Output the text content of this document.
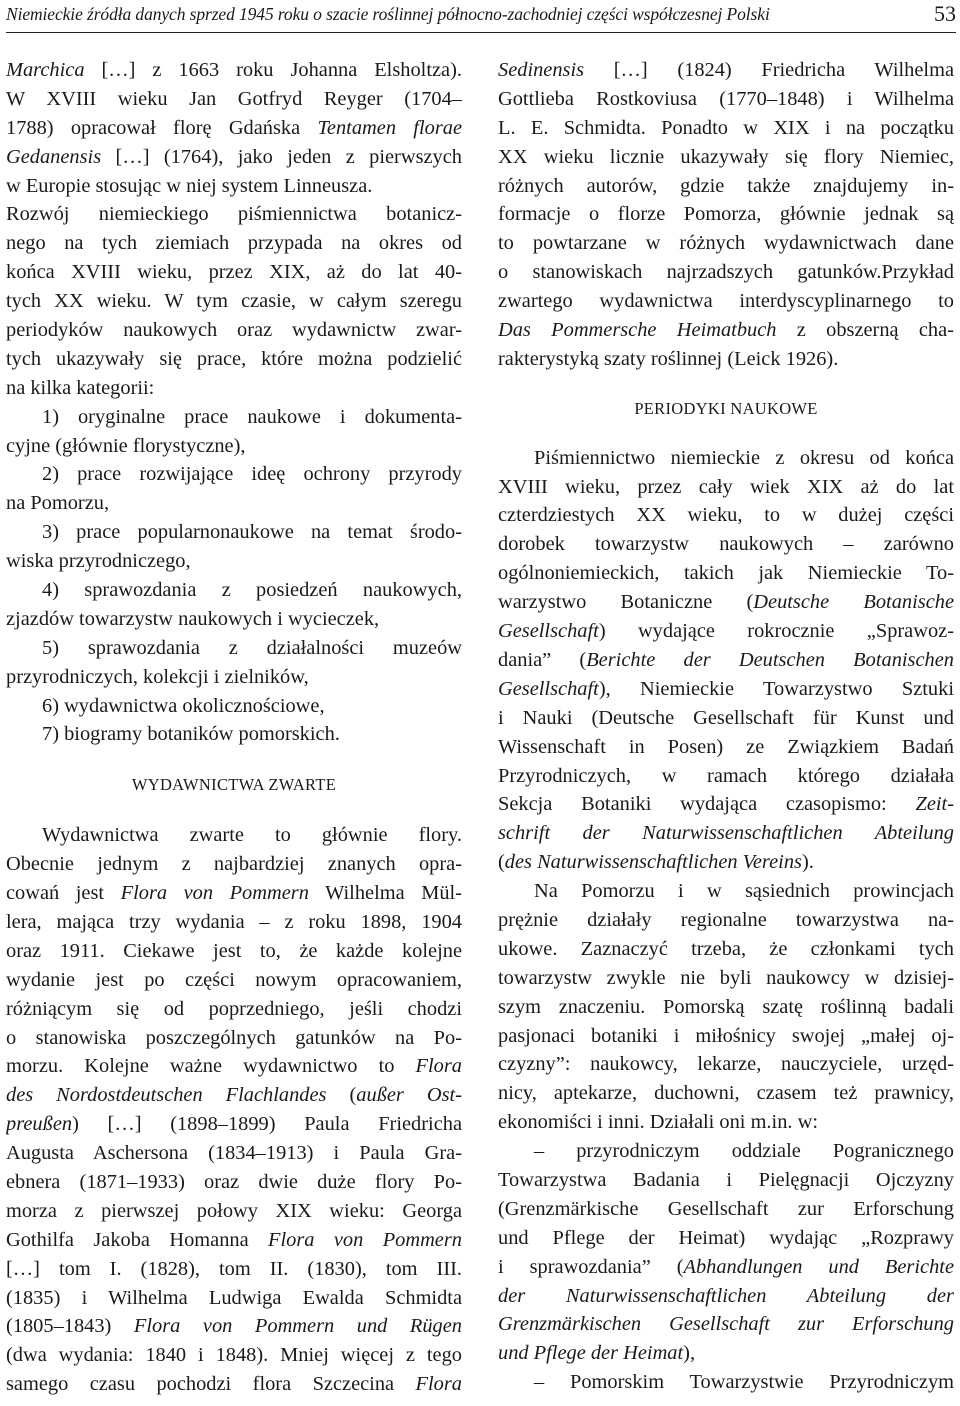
Niemieckie źródła danych sprzed 1945 roku o szacie roślinnej północno-zachodniej części współczesnej Polski	53
Marchica […] z 1663 roku Johanna Elsholtza).
W XVIII wieku Jan Gotfryd Reyger (1704–
1788) opracował florę Gdańska Tentamen florae
Gedanensis […] (1764), jako jeden z pierwszych
w Europie stosując w niej system Linneusza.
Rozwój niemieckiego piśmiennictwa botanicz-
nego na tych ziemiach przypada na okres od
końca XVIII wieku, przez XIX, aż do lat 40-
tych XX wieku. W tym czasie, w całym szeregu
periodyków naukowych oraz wydawnictw zwar-
tych ukazywały się prace, które można podzielić
na kilka kategorii:
1) oryginalne prace naukowe i dokumenta-
cyjne (głównie florystyczne),
2) prace rozwijające ideę ochrony przyrody
na Pomorzu,
3) prace popularnonaukowe na temat środo-
wiska przyrodniczego,
4) sprawozdania z posiedzeń naukowych,
zjazdów towarzystw naukowych i wycieczek,
5) sprawozdania z działalności muzeów
przyrodniczych, kolekcji i zielników,
6) wydawnictwa okolicznościowe,
7) biogramy botaników pomorskich.
WYDAWNICTWA ZWARTE
Wydawnictwa zwarte to głównie flory.
Obecnie jednym z najbardziej znanych opra-
cowań jest Flora von Pommern Wilhelma Mül-
lera, mająca trzy wydania – z roku 1898, 1904
oraz 1911. Ciekawe jest to, że każde kolejne
wydanie jest po części nowym opracowaniem,
różniącym się od poprzedniego, jeśli chodzi
o stanowiska poszczególnych gatunków na Po-
morzu. Kolejne ważne wydawnictwo to Flora
des Nordostdeutschen Flachlandes (außer Ost-
preußen) […] (1898–1899) Paula Friedricha
Augusta Aschersona (1834–1913) i Paula Gra-
ebnera (1871–1933) oraz dwie duże flory Po-
morza z pierwszej połowy XIX wieku: Georga
Gothilfa Jakoba Homanna Flora von Pommern
[…] tom I. (1828), tom II. (1830), tom III.
(1835) i Wilhelma Ludwiga Ewalda Schmidta
(1805–1843) Flora von Pommern und Rügen
(dwa wydania: 1840 i 1848). Mniej więcej z tego
samego czasu pochodzi flora Szczecina Flora
Sedinensis […] (1824) Friedricha Wilhelma
Gottlieba Rostkoviusa (1770–1848) i Wilhelma
L. E. Schmidta. Ponadto w XIX i na początku
XX wieku licznie ukazywały się flory Niemiec,
różnych autorów, gdzie także znajdujemy in-
formacje o florze Pomorza, głównie jednak są
to powtarzane w różnych wydawnictwach dane
o stanowiskach najrzadszych gatunków.Przykład
zwartego wydawnictwa interdyscyplinarnego to
Das Pommersche Heimatbuch z obszerną cha-
rakterystyką szaty roślinnej (Leick 1926).
PERIODYKI NAUKOWE
Piśmiennictwo niemieckie z okresu od końca
XVIII wieku, przez cały wiek XIX aż do lat
czterdziestych XX wieku, to w dużej części
dorobek towarzystw naukowych – zarówno
ogólnoniemieckich, takich jak Niemieckie To-
warzystwo Botaniczne (Deutsche Botanische
Gesellschaft) wydające rokrocznie „Sprawoz-
dania” (Berichte der Deutschen Botanischen
Gesellschaft), Niemieckie Towarzystwo Sztuki
i Nauki (Deutsche Gesellschaft für Kunst und
Wissenschaft in Posen) ze Związkiem Badań
Przyrodniczych, w ramach którego działała
Sekcja Botaniki wydająca czasopismo: Zeit-
schrift der Naturwissenschaftlichen Abteilung
(des Naturwissenschaftlichen Vereins).
Na Pomorzu i w sąsiednich prowincjach
prężnie działały regionalne towarzystwa na-
ukowe. Zaznaczyć trzeba, że członkami tych
towarzystw zwykle nie byli naukowcy w dzisiej-
szym znaczeniu. Pomorską szatę roślinną badali
pasjonaci botaniki i miłośnicy swojej „małej oj-
czyzny”: naukowcy, lekarze, nauczyciele, urzęd-
nicy, aptekarze, duchowni, czasem też prawnicy,
ekonomiści i inni. Działali oni m.in. w:
– przyrodniczym oddziale Pogranicznego
Towarzystwa Badania i Pielęgnacji Ojczyzny
(Grenzmärkische Gesellschaft zur Erforschung
und Pflege der Heimat) wydając „Rozprawy
i sprawozdania” (Abhandlungen und Berichte
der Naturwissenschaftlichen Abteilung der
Grenzmärkischen Gesellschaft zur Erforschung
und Pflege der Heimat),
– Pomorskim Towarzystwie Przyrodniczym
